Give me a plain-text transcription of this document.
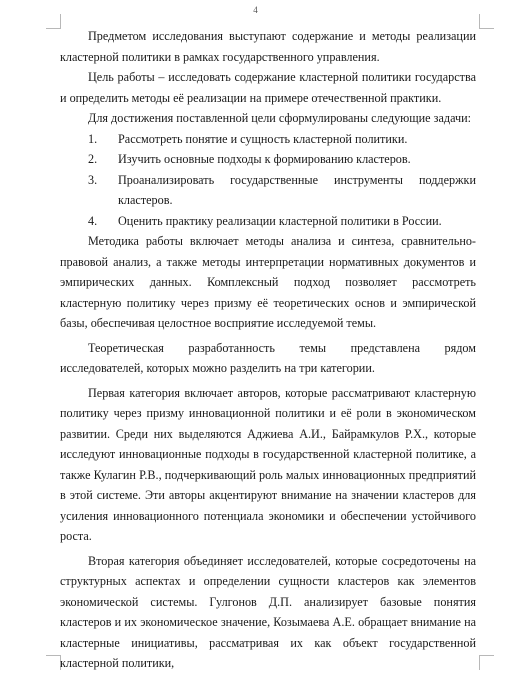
4

Предметом исследования выступают содержание и методы реализации кластерной политики в рамках государственного управления.

Цель работы – исследовать содержание кластерной политики государства и определить методы её реализации на примере отечественной практики.

Для достижения поставленной цели сформулированы следующие задачи:

1.	Рассмотреть понятие и сущность кластерной политики.
2.	Изучить основные подходы к формированию кластеров.
3.	Проанализировать государственные инструменты поддержки кластеров.
4.	Оценить практику реализации кластерной политики в России.

Методика работы включает методы анализа и синтеза, сравнительно-правовой анализ, а также методы интерпретации нормативных документов и эмпирических данных. Комплексный подход позволяет рассмотреть кластерную политику через призму её теоретических основ и эмпирической базы, обеспечивая целостное восприятие исследуемой темы.

Теоретическая разработанность темы представлена рядом исследователей, которых можно разделить на три категории.

Первая категория включает авторов, которые рассматривают кластерную политику через призму инновационной политики и её роли в экономическом развитии. Среди них выделяются Аджиева А.И., Байрамкулов Р.Х., которые исследуют инновационные подходы в государственной кластерной политике, а также Кулагин Р.В., подчеркивающий роль малых инновационных предприятий в этой системе. Эти авторы акцентируют внимание на значении кластеров для усиления инновационного потенциала экономики и обеспечении устойчивого роста.

Вторая категория объединяет исследователей, которые сосредоточены на структурных аспектах и определении сущности кластеров как элементов экономической системы. Гулгонов Д.П. анализирует базовые понятия кластеров и их экономическое значение, Козымаева А.Е. обращает внимание на кластерные инициативы, рассматривая их как объект государственной кластерной политики,
